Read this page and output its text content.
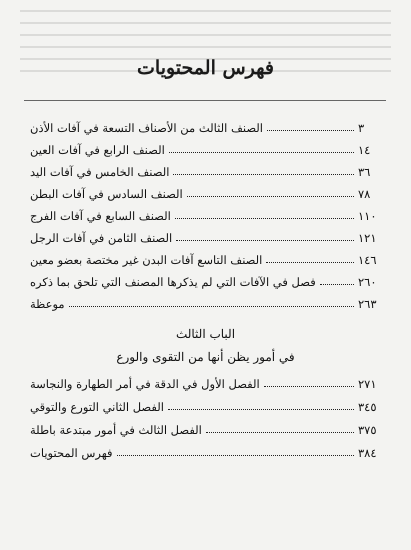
فهرس المحتويات
الصنف الثالث من الأصناف التسعة في آفات الأذن	٣
الصنف الرابع في آفات العين	١٤
الصنف الخامس في آفات اليد	٣٦
الصنف السادس في آفات البطن	٧٨
الصنف السابع في آفات الفرج	١١٠
الصنف الثامن في آفات الرجل	١٢١
الصنف التاسع آفات البدن غير مختصة بعضو معين	١٤٦
فصل في الآفات التي لم يذكرها المصنف التي تلحق بما ذكره	٢٦٠
موعظة	٢٦٣
الباب الثالث
في أمور يظن أنها من التقوى والورع
الفصل الأول في الدقة في أمر الطهارة والنجاسة	٢٧١
الفصل الثاني التورع والتوقي	٣٤٥
الفصل الثالث في أمور مبتدعة باطلة	٣٧٥
فهرس المحتويات	٣٨٤
